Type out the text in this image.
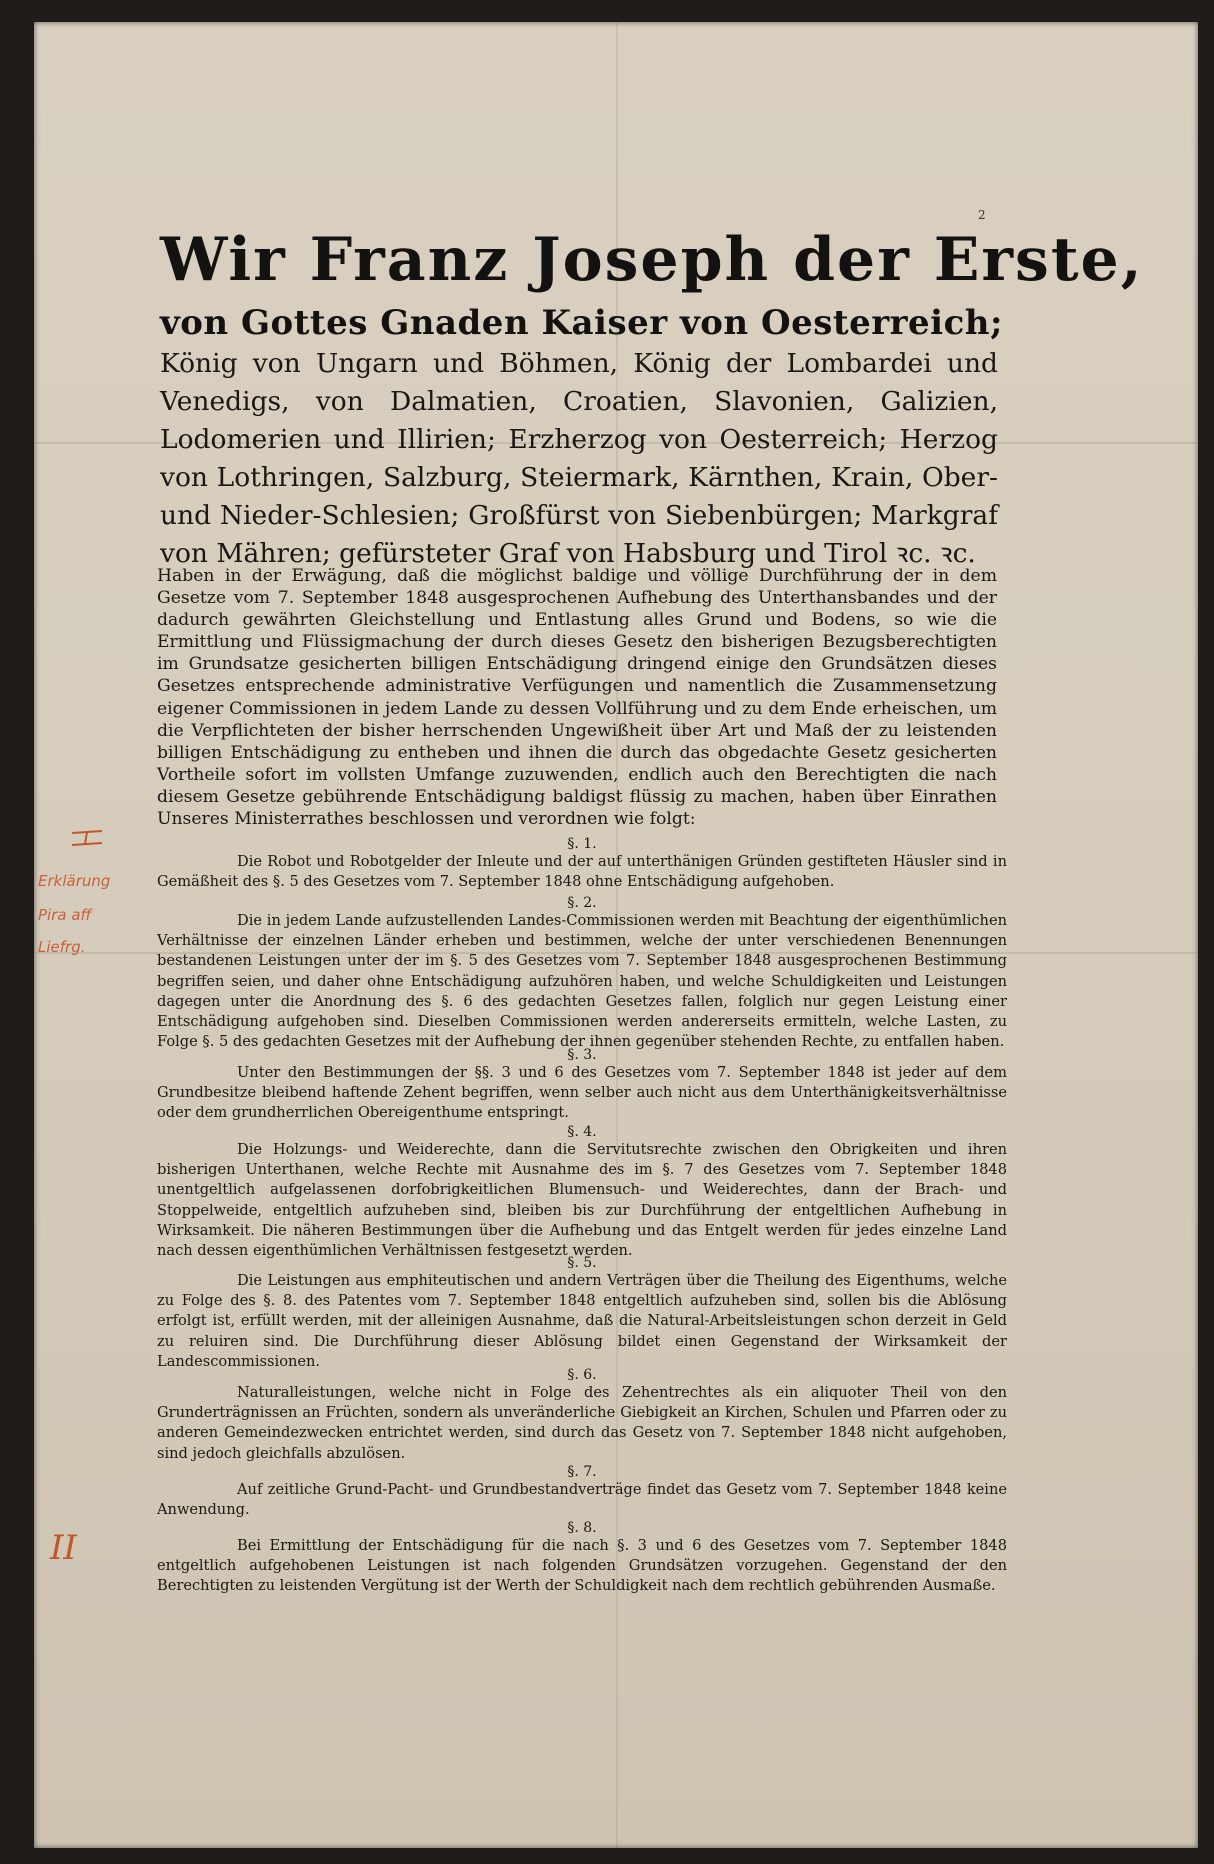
2
Wir Franz Joseph der Erste,
von Gottes Gnaden Kaiser von Oesterreich;
König von Ungarn und Böhmen, König der Lombardei und Venedigs, von Dalmatien, Croatien, Slavonien, Galizien, Lodomerien und Illirien; Erzherzog von Oesterreich; Herzog von Lothringen, Salzburg, Steiermark, Kärnthen, Krain, Ober- und Nieder-Schlesien; Großfürst von Siebenbürgen; Markgraf von Mähren; gefürsteter Graf von Habsburg und Tirol ꝛc. ꝛc.
Haben in der Erwägung, daß die möglichst baldige und völlige Durchführung der in dem Gesetze vom 7. September 1848 ausgesprochenen Aufhebung des Unterthansbandes und der dadurch gewährten Gleichstellung und Entlastung alles Grund und Bodens, so wie die Ermittlung und Flüssigmachung der durch dieses Gesetz den bisherigen Bezugsberechtigten im Grundsatze gesicherten billigen Entschädigung dringend einige den Grundsätzen dieses Gesetzes entsprechende administrative Verfügungen und namentlich die Zusammensetzung eigener Commissionen in jedem Lande zu dessen Vollführung und zu dem Ende erheischen, um die Verpflichteten der bisher herrschenden Ungewißheit über Art und Maß der zu leistenden billigen Entschädigung zu entheben und ihnen die durch das obgedachte Gesetz gesicherten Vortheile sofort im vollsten Umfange zuzuwenden, endlich auch den Berechtigten die nach diesem Gesetze gebührende Entschädigung baldigst flüssig zu machen, haben über Einrathen Unseres Ministerrathes beschlossen und verordnen wie folgt:
§. 1.
Die Robot und Robotgelder der Inleute und der auf unterthänigen Gründen gestifteten Häusler sind in Gemäßheit des §. 5 des Gesetzes vom 7. September 1848 ohne Entschädigung aufgehoben.
§. 2.
Die in jedem Lande aufzustellenden Landes-Commissionen werden mit Beachtung der eigenthümlichen Verhältnisse der einzelnen Länder erheben und bestimmen, welche der unter verschiedenen Benennungen bestandenen Leistungen unter der im §. 5 des Gesetzes vom 7. September 1848 ausgesprochenen Bestimmung begriffen seien, und daher ohne Entschädigung aufzuhören haben, und welche Schuldigkeiten und Leistungen dagegen unter die Anordnung des §. 6 des gedachten Gesetzes fallen, folglich nur gegen Leistung einer Entschädigung aufgehoben sind. Dieselben Commissionen werden andererseits ermitteln, welche Lasten, zu Folge §. 5 des gedachten Gesetzes mit der Aufhebung der ihnen gegenüber stehenden Rechte, zu entfallen haben.
§. 3.
Unter den Bestimmungen der §§. 3 und 6 des Gesetzes vom 7. September 1848 ist jeder auf dem Grundbesitze bleibend haftende Zehent begriffen, wenn selber auch nicht aus dem Unterthänigkeitsverhältnisse oder dem grundherrlichen Obereigenthume entspringt.
§. 4.
Die Holzungs- und Weiderechte, dann die Servitutsrechte zwischen den Obrigkeiten und ihren bisherigen Unterthanen, welche Rechte mit Ausnahme des im §. 7 des Gesetzes vom 7. September 1848 unentgeltlich aufgelassenen dorfobrigkeitlichen Blumensuch- und Weiderechtes, dann der Brach- und Stoppelweide, entgeltlich aufzuheben sind, bleiben bis zur Durchführung der entgeltlichen Aufhebung in Wirksamkeit. Die näheren Bestimmungen über die Aufhebung und das Entgelt werden für jedes einzelne Land nach dessen eigenthümlichen Verhältnissen festgesetzt werden.
§. 5.
Die Leistungen aus emphiteutischen und andern Verträgen über die Theilung des Eigenthums, welche zu Folge des §. 8. des Patentes vom 7. September 1848 entgeltlich aufzuheben sind, sollen bis die Ablösung erfolgt ist, erfüllt werden, mit der alleinigen Ausnahme, daß die Natural-Arbeitsleistungen schon derzeit in Geld zu reluiren sind. Die Durchführung dieser Ablösung bildet einen Gegenstand der Wirksamkeit der Landescommissionen.
§. 6.
Naturalleistungen, welche nicht in Folge des Zehentrechtes als ein aliquoter Theil von den Grunderträgnissen an Früchten, sondern als unveränderliche Giebigkeit an Kirchen, Schulen und Pfarren oder zu anderen Gemeindezwecken entrichtet werden, sind durch das Gesetz von 7. September 1848 nicht aufgehoben, sind jedoch gleichfalls abzulösen.
§. 7.
Auf zeitliche Grund-Pacht- und Grundbestandverträge findet das Gesetz vom 7. September 1848 keine Anwendung.
§. 8.
Bei Ermittlung der Entschädigung für die nach §. 3 und 6 des Gesetzes vom 7. September 1848 entgeltlich aufgehobenen Leistungen ist nach folgenden Grundsätzen vorzugehen. Gegenstand der den Berechtigten zu leistenden Vergütung ist der Werth der Schuldigkeit nach dem rechtlich gebührenden Ausmaße.
Erklärung
Pira aff
Liefrg.
II
